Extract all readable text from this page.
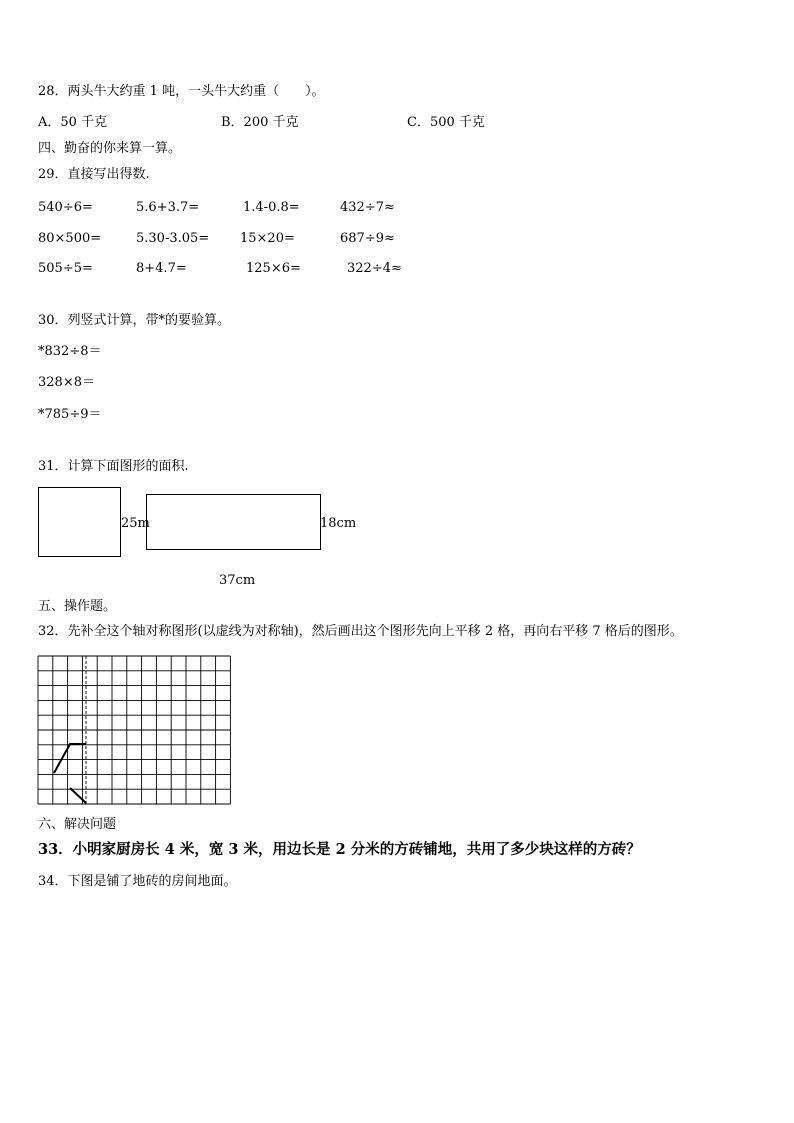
28．两头牛大约重 1 吨，一头牛大约重（　　）。
A．50 千克	B．200 千克	C．500 千克
四、勤奋的你来算一算。
29．直接写出得数.
540÷6=	5.6+3.7=	1.4-0.8=	432÷7≈
80×500=	5.30-3.05= 15×20=	687÷9≈
505÷5=	8+4.7=	125×6=	322÷4≈
30．列竖式计算，带*的要验算。
*832÷8＝
328×8＝
*785÷9＝
31．计算下面图形的面积.
25m	18cm
37cm
五、操作题。
32．先补全这个轴对称图形(以虚线为对称轴)，然后画出这个图形先向上平移 2 格，再向右平移 7 格后的图形。
六、解决问题
33．小明家厨房长 4 米，宽 3 米，用边长是 2 分米的方砖铺地，共用了多少块这样的方砖？
34．下图是铺了地砖的房间地面。
